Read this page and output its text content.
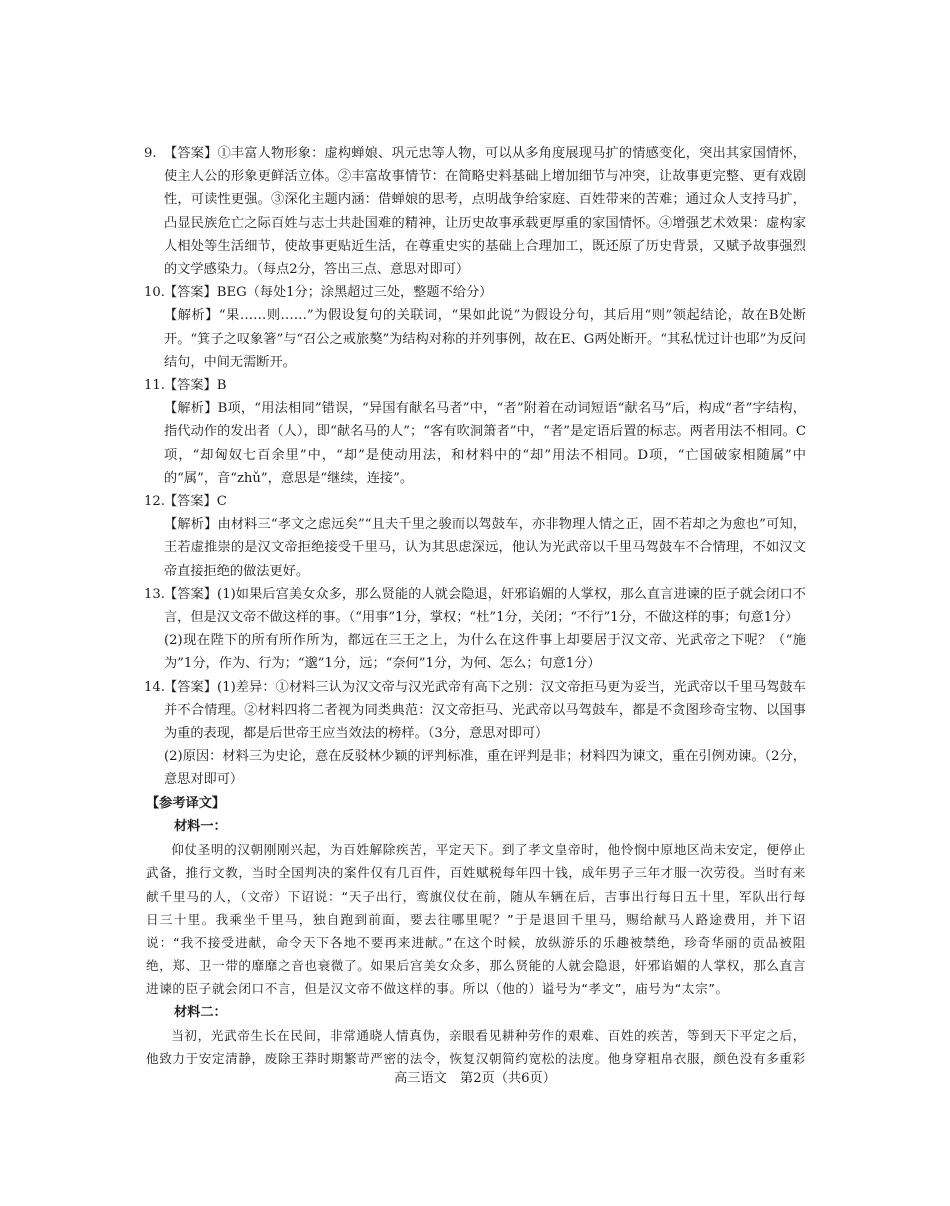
9. 【答案】①丰富人物形象：虚构蝉娘、巩元忠等人物，可以从多角度展现马扩的情感变化，突出其家国情怀，使主人公的形象更鲜活立体。②丰富故事情节：在简略史料基础上增加细节与冲突，让故事更完整、更有戏剧性，可读性更强。③深化主题内涵：借蝉娘的思考，点明战争给家庭、百姓带来的苦难；通过众人支持马扩，凸显民族危亡之际百姓与志士共赴国难的精神，让历史故事承载更厚重的家国情怀。④增强艺术效果：虚构家人相处等生活细节，使故事更贴近生活，在尊重史实的基础上合理加工，既还原了历史背景，又赋予故事强烈的文学感染力。（每点2分，答出三点、意思对即可）
10. 【答案】BEG（每处1分；涂黑超过三处，整题不给分）
【解析】“果……则……”为假设复句的关联词，“果如此说”为假设分句，其后用“则”领起结论，故在B处断开。“箕子之叹象箸”与“召公之戒旅獒”为结构对称的并列事例，故在E、G两处断开。“其私忧过计也耶”为反问结句，中间无需断开。
11. 【答案】B
【解析】B项，“用法相同”错误，“异国有献名马者”中，“者”附着在动词短语“献名马”后，构成“者”字结构，指代动作的发出者（人），即“献名马的人”；“客有吹洞箫者”中，“者”是定语后置的标志。两者用法不相同。C项，“却匈奴七百余里”中，“却”是使动用法，和材料中的“却”用法不相同。D项，“亡国破家相随属”中的“属”，音“zhǔ”，意思是“继续，连接”。
12. 【答案】C
【解析】由材料三“孝文之虑远矣”“且夫千里之骏而以驾鼓车，亦非物理人情之正，固不若却之为愈也”可知，王若虚推崇的是汉文帝拒绝接受千里马，认为其思虑深远，他认为光武帝以千里马驾鼓车不合情理，不如汉文帝直接拒绝的做法更好。
13. 【答案】(1)如果后宫美女众多，那么贤能的人就会隐退，奸邪谄媚的人掌权，那么直言进谏的臣子就会闭口不言，但是汉文帝不做这样的事。（“用事”1分，掌权；“杜”1分，关闭；“不行”1分，不做这样的事；句意1分）
(2)现在陛下的所有所作所为，都远在三王之上，为什么在这件事上却要居于汉文帝、光武帝之下呢？（“施为”1分，作为、行为；“邈”1分，远；“奈何”1分，为何、怎么；句意1分）
14. 【答案】(1)差异：①材料三认为汉文帝与汉光武帝有高下之别：汉文帝拒马更为妥当，光武帝以千里马驾鼓车并不合情理。②材料四将二者视为同类典范：汉文帝拒马、光武帝以马驾鼓车，都是不贪图珍奇宝物、以国事为重的表现，都是后世帝王应当效法的榜样。（3分，意思对即可）
(2)原因：材料三为史论，意在反驳林少颖的评判标准，重在评判是非；材料四为谏文，重在引例劝谏。（2分，意思对即可）

【参考译文】

材料一：

仰仗圣明的汉朝刚刚兴起，为百姓解除疾苦，平定天下。到了孝文皇帝时，他怜悯中原地区尚未安定，便停止武备，推行文教，当时全国判决的案件仅有几百件，百姓赋税每年四十钱，成年男子三年才服一次劳役。当时有来献千里马的人，（文帝）下诏说：“天子出行，鸾旗仪仗在前，随从车辆在后，吉事出行每日五十里，军队出行每日三十里。我乘坐千里马，独自跑到前面，要去往哪里呢？”于是退回千里马，赐给献马人路途费用，并下诏说：“我不接受进献，命令天下各地不要再来进献。”在这个时候，放纵游乐的乐趣被禁绝，珍奇华丽的贡品被阻绝，郑、卫一带的靡靡之音也衰微了。如果后宫美女众多，那么贤能的人就会隐退，奸邪谄媚的人掌权，那么直言进谏的臣子就会闭口不言，但是汉文帝不做这样的事。所以（他的）谥号为“孝文”，庙号为“太宗”。

材料二：

当初，光武帝生长在民间，非常通晓人情真伪，亲眼看见耕种劳作的艰难、百姓的疾苦，等到天下平定之后，他致力于安定清静，废除王莽时期繁苛严密的法令，恢复汉朝简约宽松的法度。他身穿粗帛衣服，颜色没有多重彩

高三语文　第2页（共6页）
